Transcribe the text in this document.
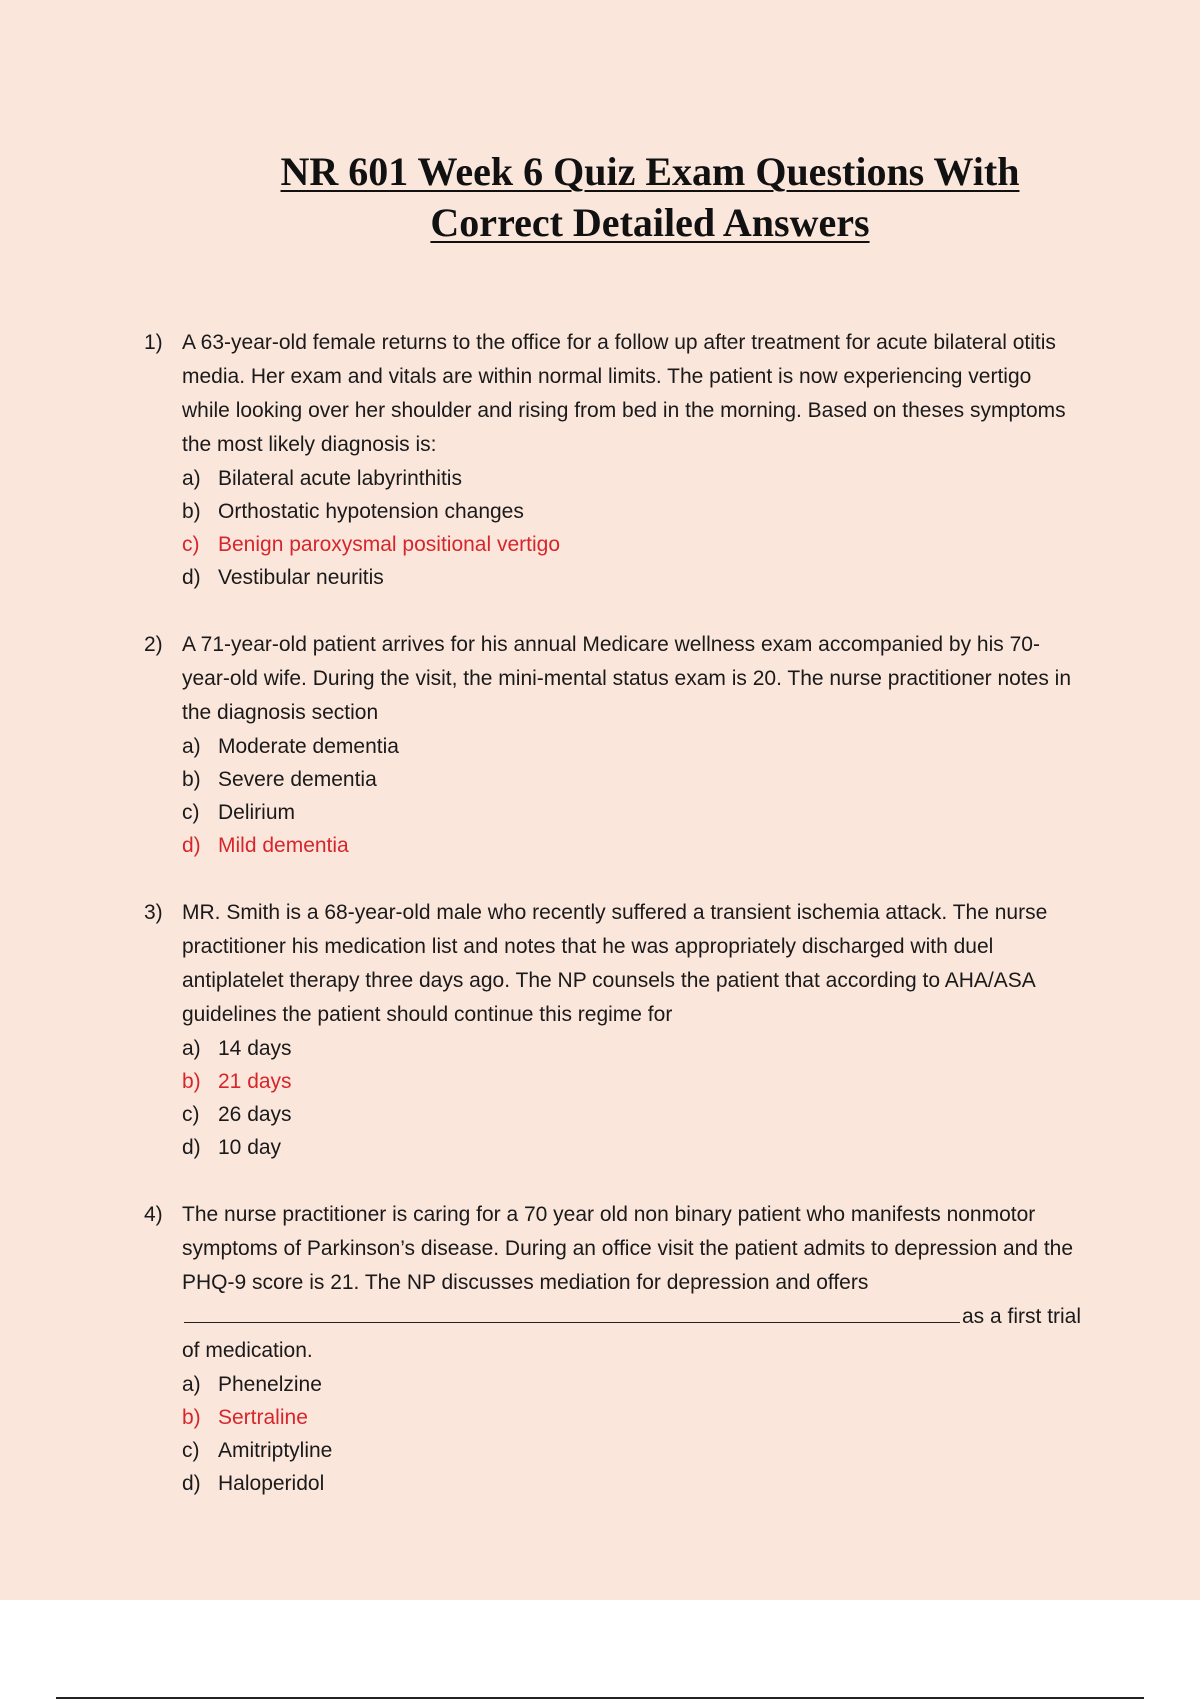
NR 601 Week 6 Quiz Exam Questions With
Correct Detailed Answers
1) A 63-year-old female returns to the office for a follow up after treatment for acute bilateral otitis media. Her exam and vitals are within normal limits. The patient is now experiencing vertigo while looking over her shoulder and rising from bed in the morning. Based on theses symptoms the most likely diagnosis is:
a) Bilateral acute labyrinthitis
b) Orthostatic hypotension changes
c) Benign paroxysmal positional vertigo
d) Vestibular neuritis
2) A 71-year-old patient arrives for his annual Medicare wellness exam accompanied by his 70-year-old wife. During the visit, the mini-mental status exam is 20. The nurse practitioner notes in the diagnosis section
a) Moderate dementia
b) Severe dementia
c) Delirium
d) Mild dementia
3) MR. Smith is a 68-year-old male who recently suffered a transient ischemia attack. The nurse practitioner his medication list and notes that he was appropriately discharged with duel antiplatelet therapy three days ago. The NP counsels the patient that according to AHA/ASA guidelines the patient should continue this regime for
a) 14 days
b) 21 days
c) 26 days
d) 10 day
4) The nurse practitioner is caring for a 70 year old non binary patient who manifests nonmotor symptoms of Parkinson’s disease. During an office visit the patient admits to depression and the PHQ-9 score is 21. The NP discusses mediation for depression and offers as a first trial of medication.
a) Phenelzine
b) Sertraline
c) Amitriptyline
d) Haloperidol
